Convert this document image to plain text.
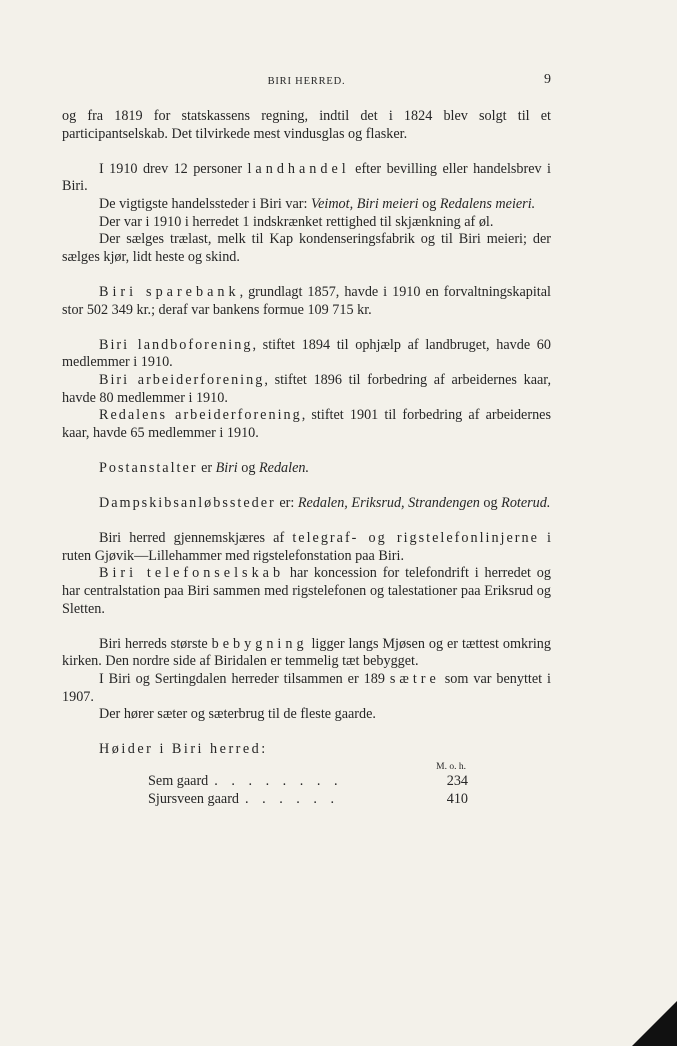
BIRI HERRED.	9

og fra 1819 for statskassens regning, indtil det i 1824 blev solgt til et participantselskab. Det tilvirkede mest vindusglas og flasker.

I 1910 drev 12 personer landhandel efter bevilling eller handelsbrev i Biri.

De vigtigste handelssteder i Biri var: Veimot, Biri meieri og Redalens meieri.

Der var i 1910 i herredet 1 indskrænket rettighed til skjænkning af øl.

Der sælges trælast, melk til Kap kondenseringsfabrik og til Biri meieri; der sælges kjør, lidt heste og skind.

Biri sparebank, grundlagt 1857, havde i 1910 en forvaltningskapital stor 502 349 kr.; deraf var bankens formue 109 715 kr.

Biri landboforening, stiftet 1894 til ophjælp af landbruget, havde 60 medlemmer i 1910.

Biri arbeiderforening, stiftet 1896 til forbedring af arbeidernes kaar, havde 80 medlemmer i 1910.

Redalens arbeiderforening, stiftet 1901 til forbedring af arbeidernes kaar, havde 65 medlemmer i 1910.

Postanstalter er Biri og Redalen.

Dampskibsanløbssteder er: Redalen, Eriksrud, Strandengen og Roterud.

Biri herred gjennemskjæres af telegraf- og rigstelefonlinjerne i ruten Gjøvik—Lillehammer med rigstelefonstation paa Biri.

Biri telefonselskab har koncession for telefondrift i herredet og har centralstation paa Biri sammen med rigstelefonen og talestationer paa Eriksrud og Sletten.

Biri herreds største bebygning ligger langs Mjøsen og er tættest omkring kirken. Den nordre side af Biridalen er temmelig tæt bebygget.

I Biri og Sertingdalen herreder tilsammen er 189 sætre som var benyttet i 1907.

Der hører sæter og sæterbrug til de fleste gaarde.

Høider i Biri herred:
M. o. h.
Sem gaard . . . . . . . .	234
Sjursveen gaard . . . . . .	410
